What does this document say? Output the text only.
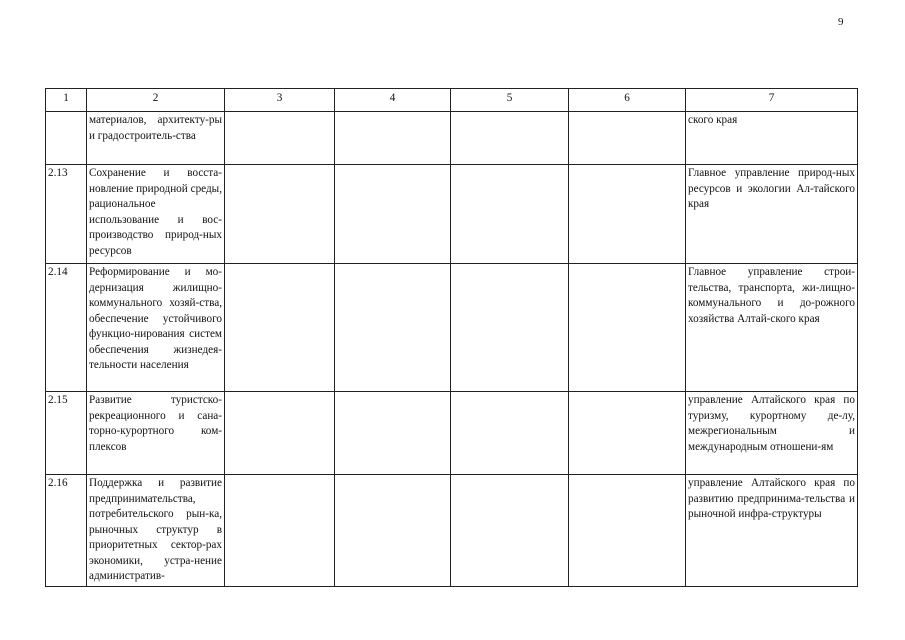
9
1	2	3	4	5	6	7
	материалов, архитекту-ры и градостроитель-ства					ского края
2.13	Сохранение и восста-новление природной среды, рациональное использование и вос-производство природ-ных ресурсов					Главное управление природ-ных ресурсов и экологии Ал-тайского края
2.14	Реформирование и мо-дернизация жилищно-коммунального хозяй-ства, обеспечение устойчивого функцио-нирования систем обеспечения жизнедея-тельности населения					Главное управление строи-тельства, транспорта, жи-лищно-коммунального и до-рожного хозяйства Алтай-ского края
2.15	Развитие туристско-рекреационного и сана-торно-курортного ком-плексов					управление Алтайского края по туризму, курортному де-лу, межрегиональным и международным отношени-ям
2.16	Поддержка и развитие предпринимательства, потребительского рын-ка, рыночных структур в приоритетных сектор-рах экономики, устра-нение административ-					управление Алтайского края по развитию предпринима-тельства и рыночной инфра-структуры
